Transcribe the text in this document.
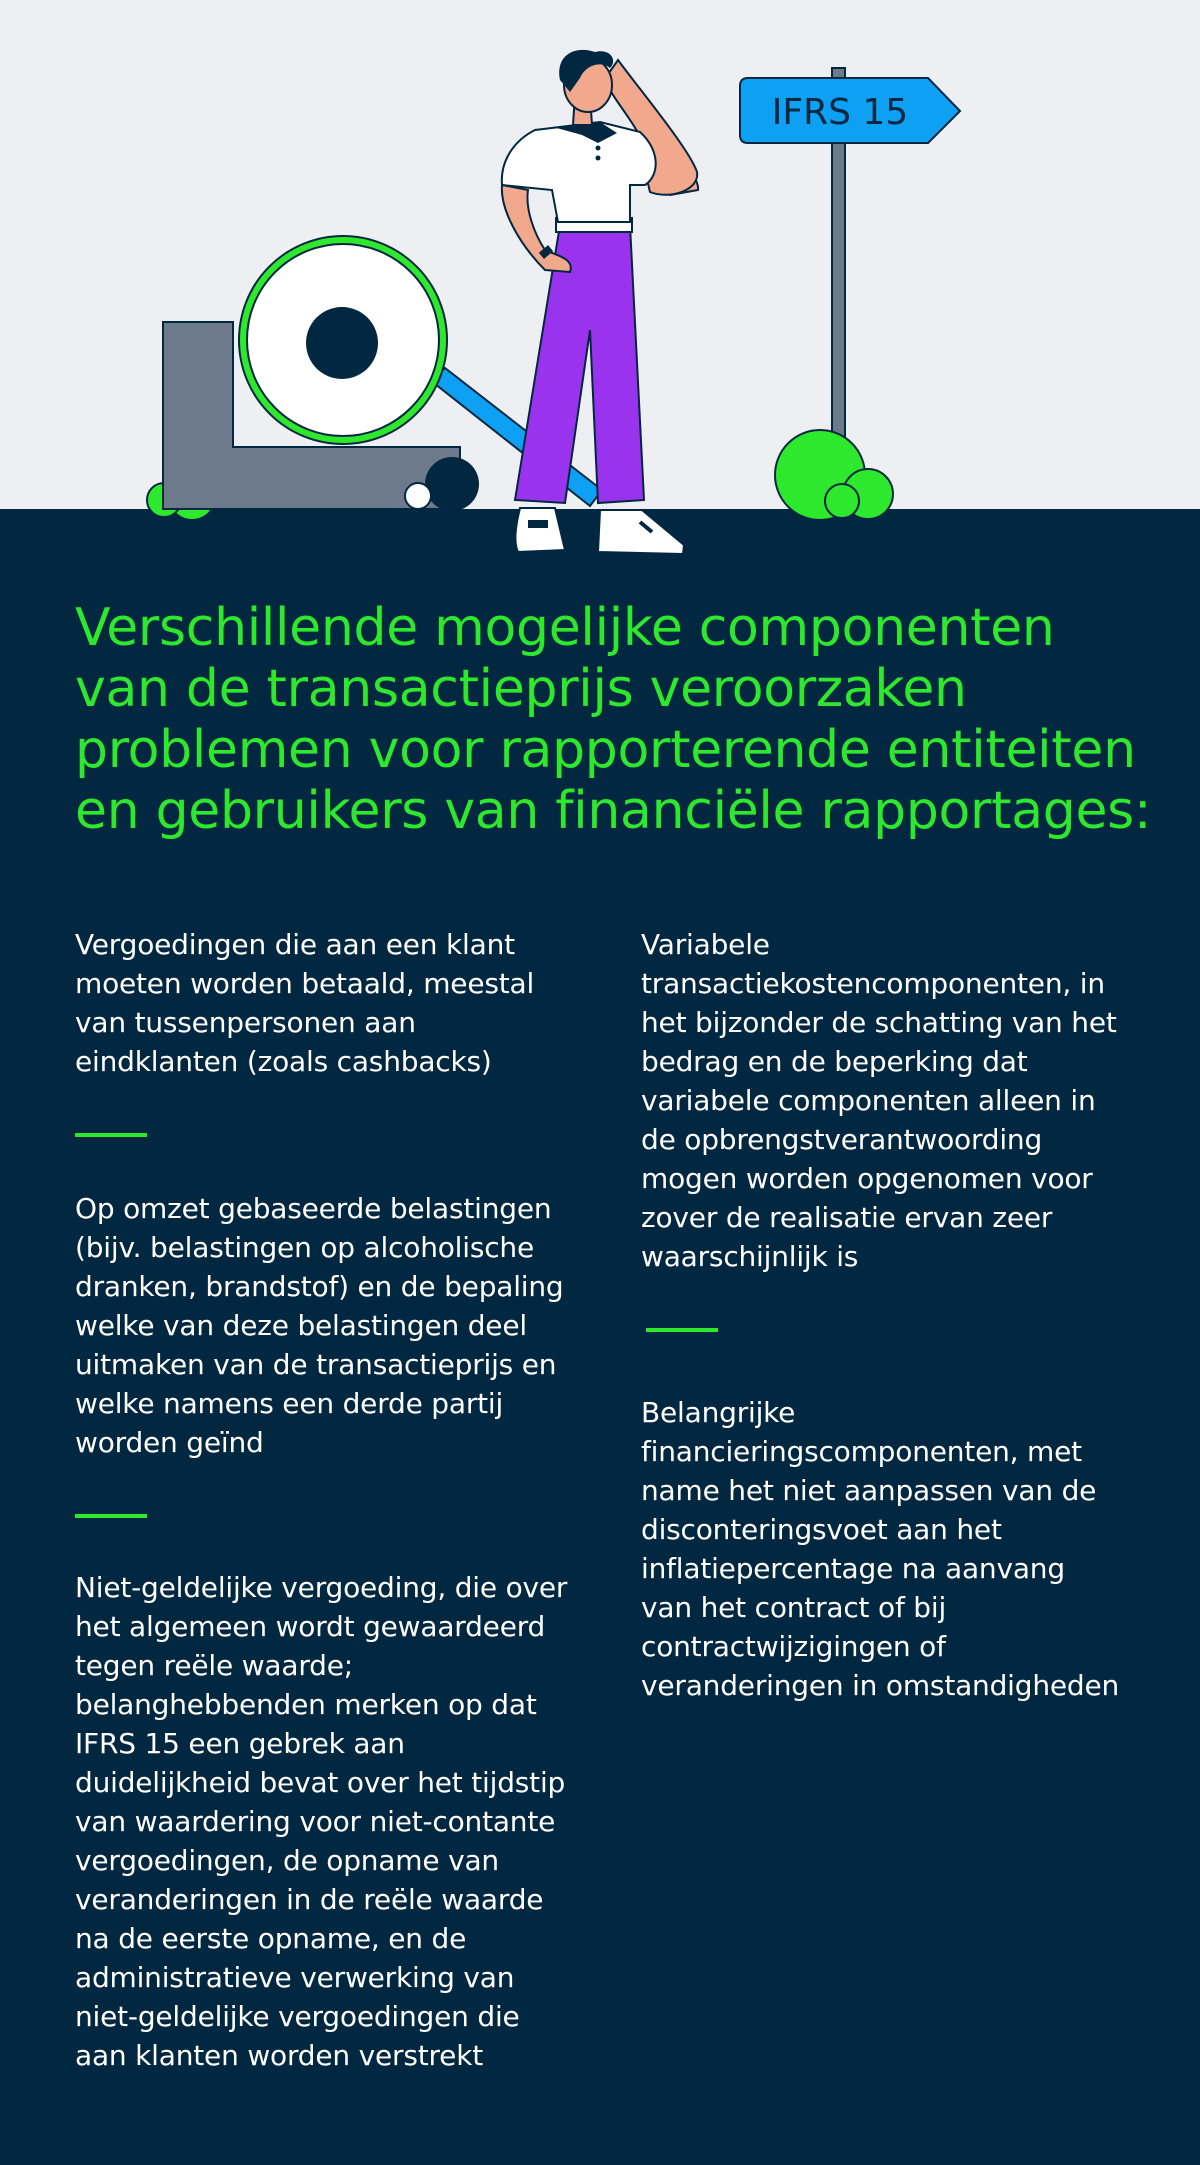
IFRS 15
Verschillende mogelijke componenten van de transactieprijs veroorzaken problemen voor rapporterende entiteiten en gebruikers van financiële rapportages:

Vergoedingen die aan een klant moeten worden betaald, meestal van tussenpersonen aan eindklanten (zoals cashbacks)

Op omzet gebaseerde belastingen (bijv. belastingen op alcoholische dranken, brandstof) en de bepaling welke van deze belastingen deel uitmaken van de transactieprijs en welke namens een derde partij worden geïnd

Niet-geldelijke vergoeding, die over het algemeen wordt gewaardeerd tegen reële waarde; belanghebbenden merken op dat IFRS 15 een gebrek aan duidelijkheid bevat over het tijdstip van waardering voor niet-contante vergoedingen, de opname van veranderingen in de reële waarde na de eerste opname, en de administratieve verwerking van niet-geldelijke vergoedingen die aan klanten worden verstrekt

Variabele transactiekostencomponenten, in het bijzonder de schatting van het bedrag en de beperking dat variabele componenten alleen in de opbrengstverantwoording mogen worden opgenomen voor zover de realisatie ervan zeer waarschijnlijk is

Belangrijke financieringscomponenten, met name het niet aanpassen van de disconteringsvoet aan het inflatiepercentage na aanvang van het contract of bij contractwijzigingen of veranderingen in omstandigheden
